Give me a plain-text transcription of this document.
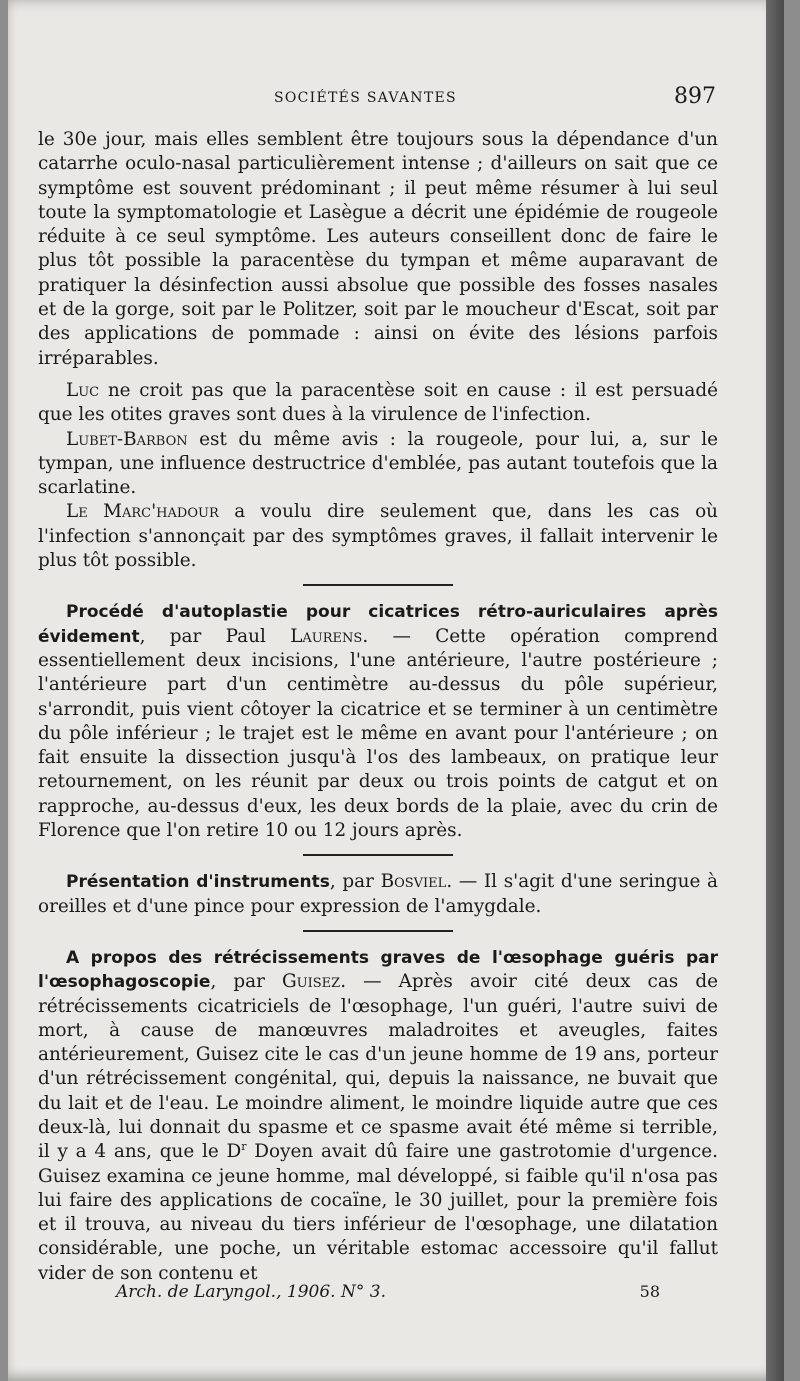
SOCIÉTÉS SAVANTES	897

le 30e jour, mais elles semblent être toujours sous la dépendance d'un catarrhe oculo-nasal particulièrement intense ; d'ailleurs on sait que ce symptôme est souvent prédominant ; il peut même résumer à lui seul toute la symptomatologie et Lasègue a décrit une épidémie de rougeole réduite à ce seul symptôme. Les auteurs conseillent donc de faire le plus tôt possible la paracentèse du tympan et même auparavant de pratiquer la désinfection aussi absolue que possible des fosses nasales et de la gorge, soit par le Politzer, soit par le moucheur d'Escat, soit par des applications de pommade : ainsi on évite des lésions parfois irréparables.

Luc ne croit pas que la paracentèse soit en cause : il est persuadé que les otites graves sont dues à la virulence de l'infection.

Lubet-Barbon est du même avis : la rougeole, pour lui, a, sur le tympan, une influence destructrice d'emblée, pas autant toutefois que la scarlatine.

Le Marc'hadour a voulu dire seulement que, dans les cas où l'infection s'annonçait par des symptômes graves, il fallait intervenir le plus tôt possible.

Procédé d'autoplastie pour cicatrices rétro-auriculaires après évidement, par Paul Laurens. — Cette opération comprend essentiellement deux incisions, l'une antérieure, l'autre postérieure ; l'antérieure part d'un centimètre au-dessus du pôle supérieur, s'arrondit, puis vient côtoyer la cicatrice et se terminer à un centimètre du pôle inférieur ; le trajet est le même en avant pour l'antérieure ; on fait ensuite la dissection jusqu'à l'os des lambeaux, on pratique leur retournement, on les réunit par deux ou trois points de catgut et on rapproche, au-dessus d'eux, les deux bords de la plaie, avec du crin de Florence que l'on retire 10 ou 12 jours après.

Présentation d'instruments, par Bosviel. — Il s'agit d'une seringue à oreilles et d'une pince pour expression de l'amygdale.

A propos des rétrécissements graves de l'œsophage guéris par l'œsophagoscopie, par Guisez. — Après avoir cité deux cas de rétrécissements cicatriciels de l'œsophage, l'un guéri, l'autre suivi de mort, à cause de manœuvres maladroites et aveugles, faites antérieurement, Guisez cite le cas d'un jeune homme de 19 ans, porteur d'un rétrécissement congénital, qui, depuis la naissance, ne buvait que du lait et de l'eau. Le moindre aliment, le moindre liquide autre que ces deux-là, lui donnait du spasme et ce spasme avait été même si terrible, il y a 4 ans, que le $D^r$ Doyen avait dû faire une gastrotomie d'urgence. Guisez examina ce jeune homme, mal développé, si faible qu'il n'osa pas lui faire des applications de cocaïne, le 30 juillet, pour la première fois et il trouva, au niveau du tiers inférieur de l'œsophage, une dilatation considérable, une poche, un véritable estomac accessoire qu'il fallut vider de son contenu et

Arch. de Laryngol., 1906. N° 3.	58
